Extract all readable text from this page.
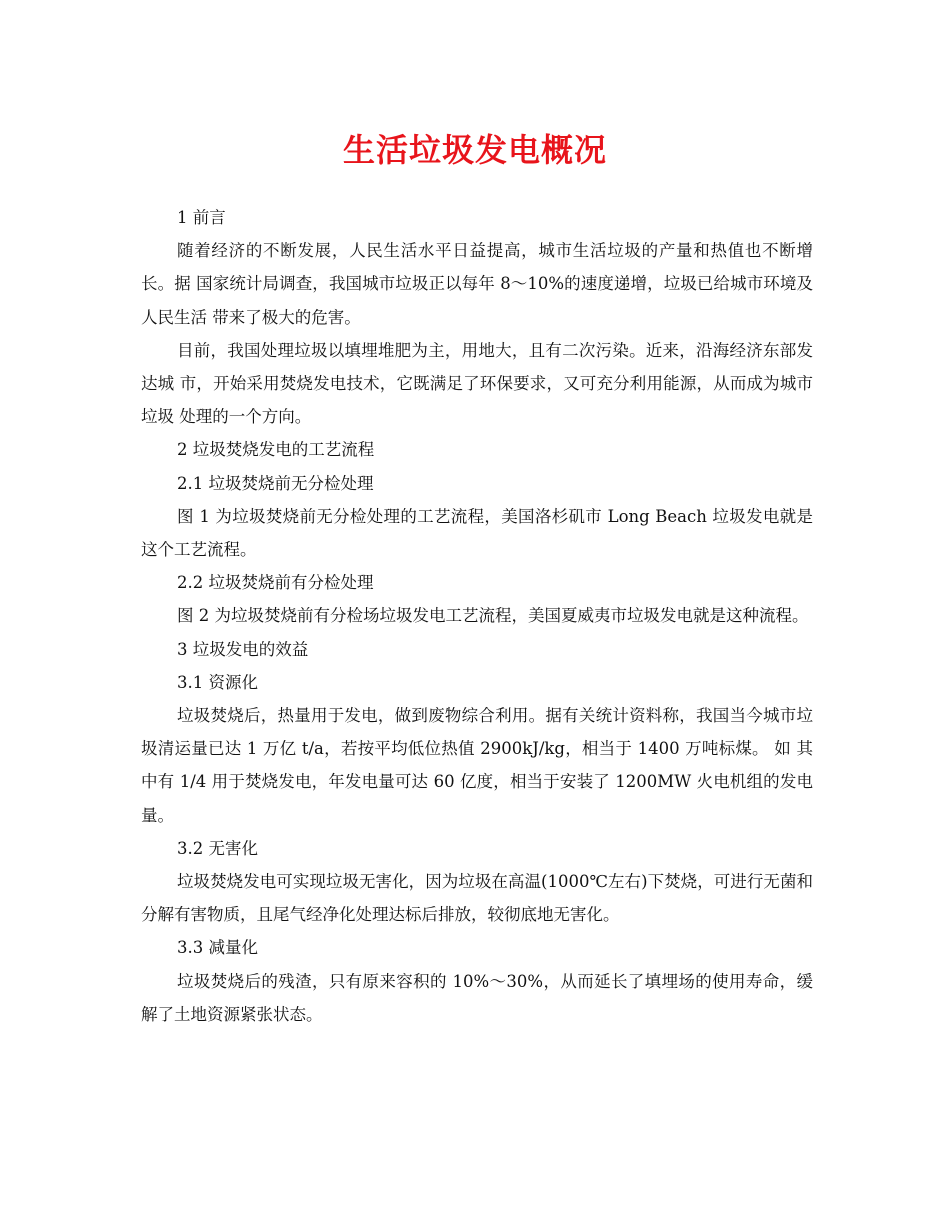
生活垃圾发电概况

1 前言

随着经济的不断发展，人民生活水平日益提高，城市生活垃圾的产量和热值也不断增长。据 国家统计局调查，我国城市垃圾正以每年 8～10%的速度递增，垃圾已给城市环境及人民生活 带来了极大的危害。

目前，我国处理垃圾以填埋堆肥为主，用地大，且有二次污染。近来，沿海经济东部发达城 市，开始采用焚烧发电技术，它既满足了环保要求，又可充分利用能源，从而成为城市垃圾 处理的一个方向。

2 垃圾焚烧发电的工艺流程

2.1 垃圾焚烧前无分检处理

图 1 为垃圾焚烧前无分检处理的工艺流程，美国洛杉矶市 Long Beach 垃圾发电就是这个工艺流程。

2.2 垃圾焚烧前有分检处理

图 2 为垃圾焚烧前有分检场垃圾发电工艺流程，美国夏威夷市垃圾发电就是这种流程。

3 垃圾发电的效益

3.1 资源化

垃圾焚烧后，热量用于发电，做到废物综合利用。据有关统计资料称，我国当今城市垃圾清运量已达 1 万亿 t/a，若按平均低位热值 2900kJ/kg，相当于 1400 万吨标煤。 如 其中有 1/4 用于焚烧发电，年发电量可达 60 亿度，相当于安装了 1200MW 火电机组的发电量。

3.2 无害化

垃圾焚烧发电可实现垃圾无害化，因为垃圾在高温(1000℃左右)下焚烧，可进行无菌和分解有害物质，且尾气经净化处理达标后排放，较彻底地无害化。

3.3 减量化

垃圾焚烧后的残渣，只有原来容积的 10%～30%，从而延长了填埋场的使用寿命，缓解了土地资源紧张状态。
